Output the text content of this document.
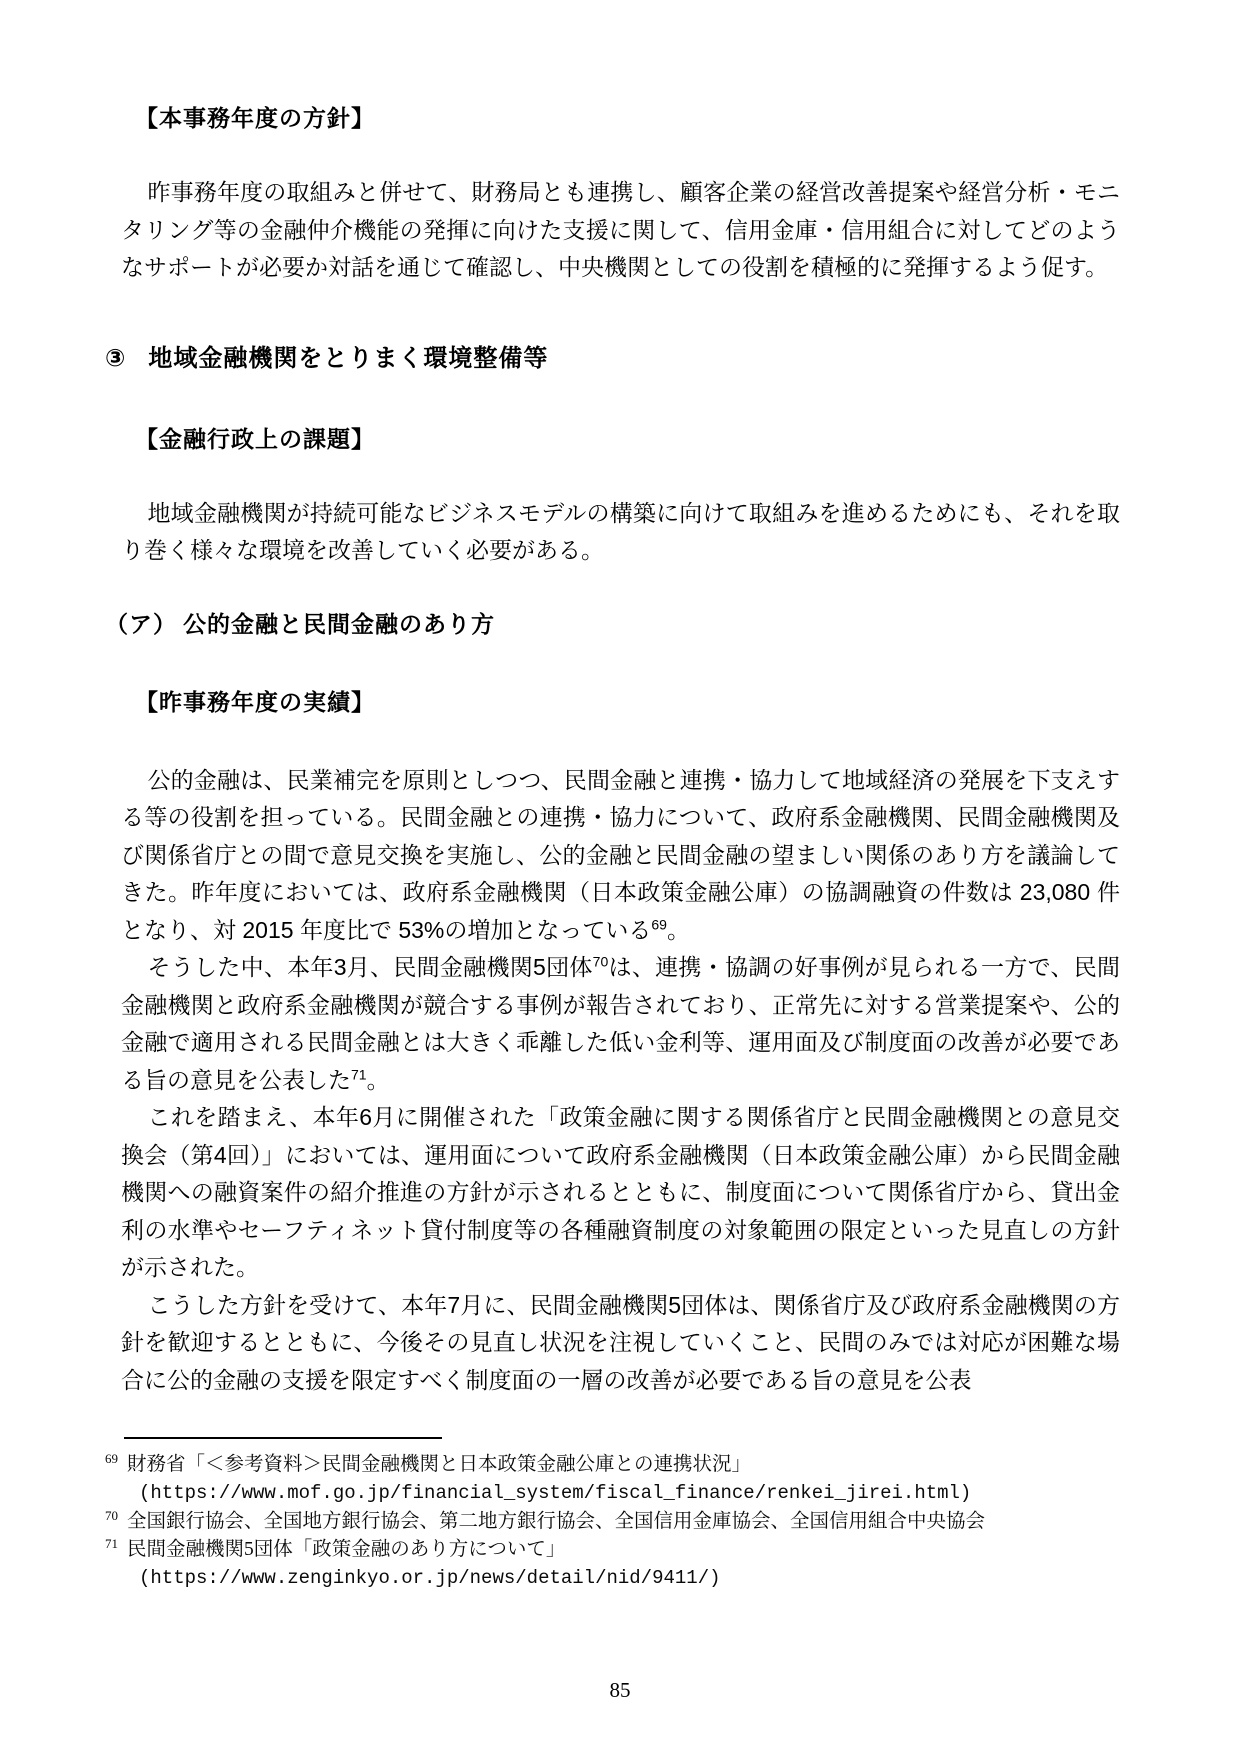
【本事務年度の方針】

昨事務年度の取組みと併せて、財務局とも連携し、顧客企業の経営改善提案や経営分析・モニタリング等の金融仲介機能の発揮に向けた支援に関して、信用金庫・信用組合に対してどのようなサポートが必要か対話を通じて確認し、中央機関としての役割を積極的に発揮するよう促す。

③ 地域金融機関をとりまく環境整備等
【金融行政上の課題】

地域金融機関が持続可能なビジネスモデルの構築に向けて取組みを進めるためにも、それを取り巻く様々な環境を改善していく必要がある。

（ア） 公的金融と民間金融のあり方
【昨事務年度の実績】

公的金融は、民業補完を原則としつつ、民間金融と連携・協力して地域経済の発展を下支えする等の役割を担っている。民間金融との連携・協力について、政府系金融機関、民間金融機関及び関係省庁との間で意見交換を実施し、公的金融と民間金融の望ましい関係のあり方を議論してきた。昨年度においては、政府系金融機関（日本政策金融公庫）の協調融資の件数は 23,080 件となり、対 2015 年度比で 53%の増加となっている$^{69}$。

そうした中、本年3月、民間金融機関5団体$^{70}$は、連携・協調の好事例が見られる一方で、民間金融機関と政府系金融機関が競合する事例が報告されており、正常先に対する営業提案や、公的金融で適用される民間金融とは大きく乖離した低い金利等、運用面及び制度面の改善が必要である旨の意見を公表した$^{71}$。

これを踏まえ、本年6月に開催された「政策金融に関する関係省庁と民間金融機関との意見交換会（第4回）」においては、運用面について政府系金融機関（日本政策金融公庫）から民間金融機関への融資案件の紹介推進の方針が示されるとともに、制度面について関係省庁から、貸出金利の水準やセーフティネット貸付制度等の各種融資制度の対象範囲の限定といった見直しの方針が示された。

こうした方針を受けて、本年7月に、民間金融機関5団体は、関係省庁及び政府系金融機関の方針を歓迎するとともに、今後その見直し状況を注視していくこと、民間のみでは対応が困難な場合に公的金融の支援を限定すべく制度面の一層の改善が必要である旨の意見を公表

$^{69}$ 財務省「＜参考資料＞民間金融機関と日本政策金融公庫との連携状況」
(https://www.mof.go.jp/financial_system/fiscal_finance/renkei_jirei.html)
$^{70}$ 全国銀行協会、全国地方銀行協会、第二地方銀行協会、全国信用金庫協会、全国信用組合中央協会
$^{71}$ 民間金融機関5団体「政策金融のあり方について」
(https://www.zenginkyo.or.jp/news/detail/nid/9411/)
85
